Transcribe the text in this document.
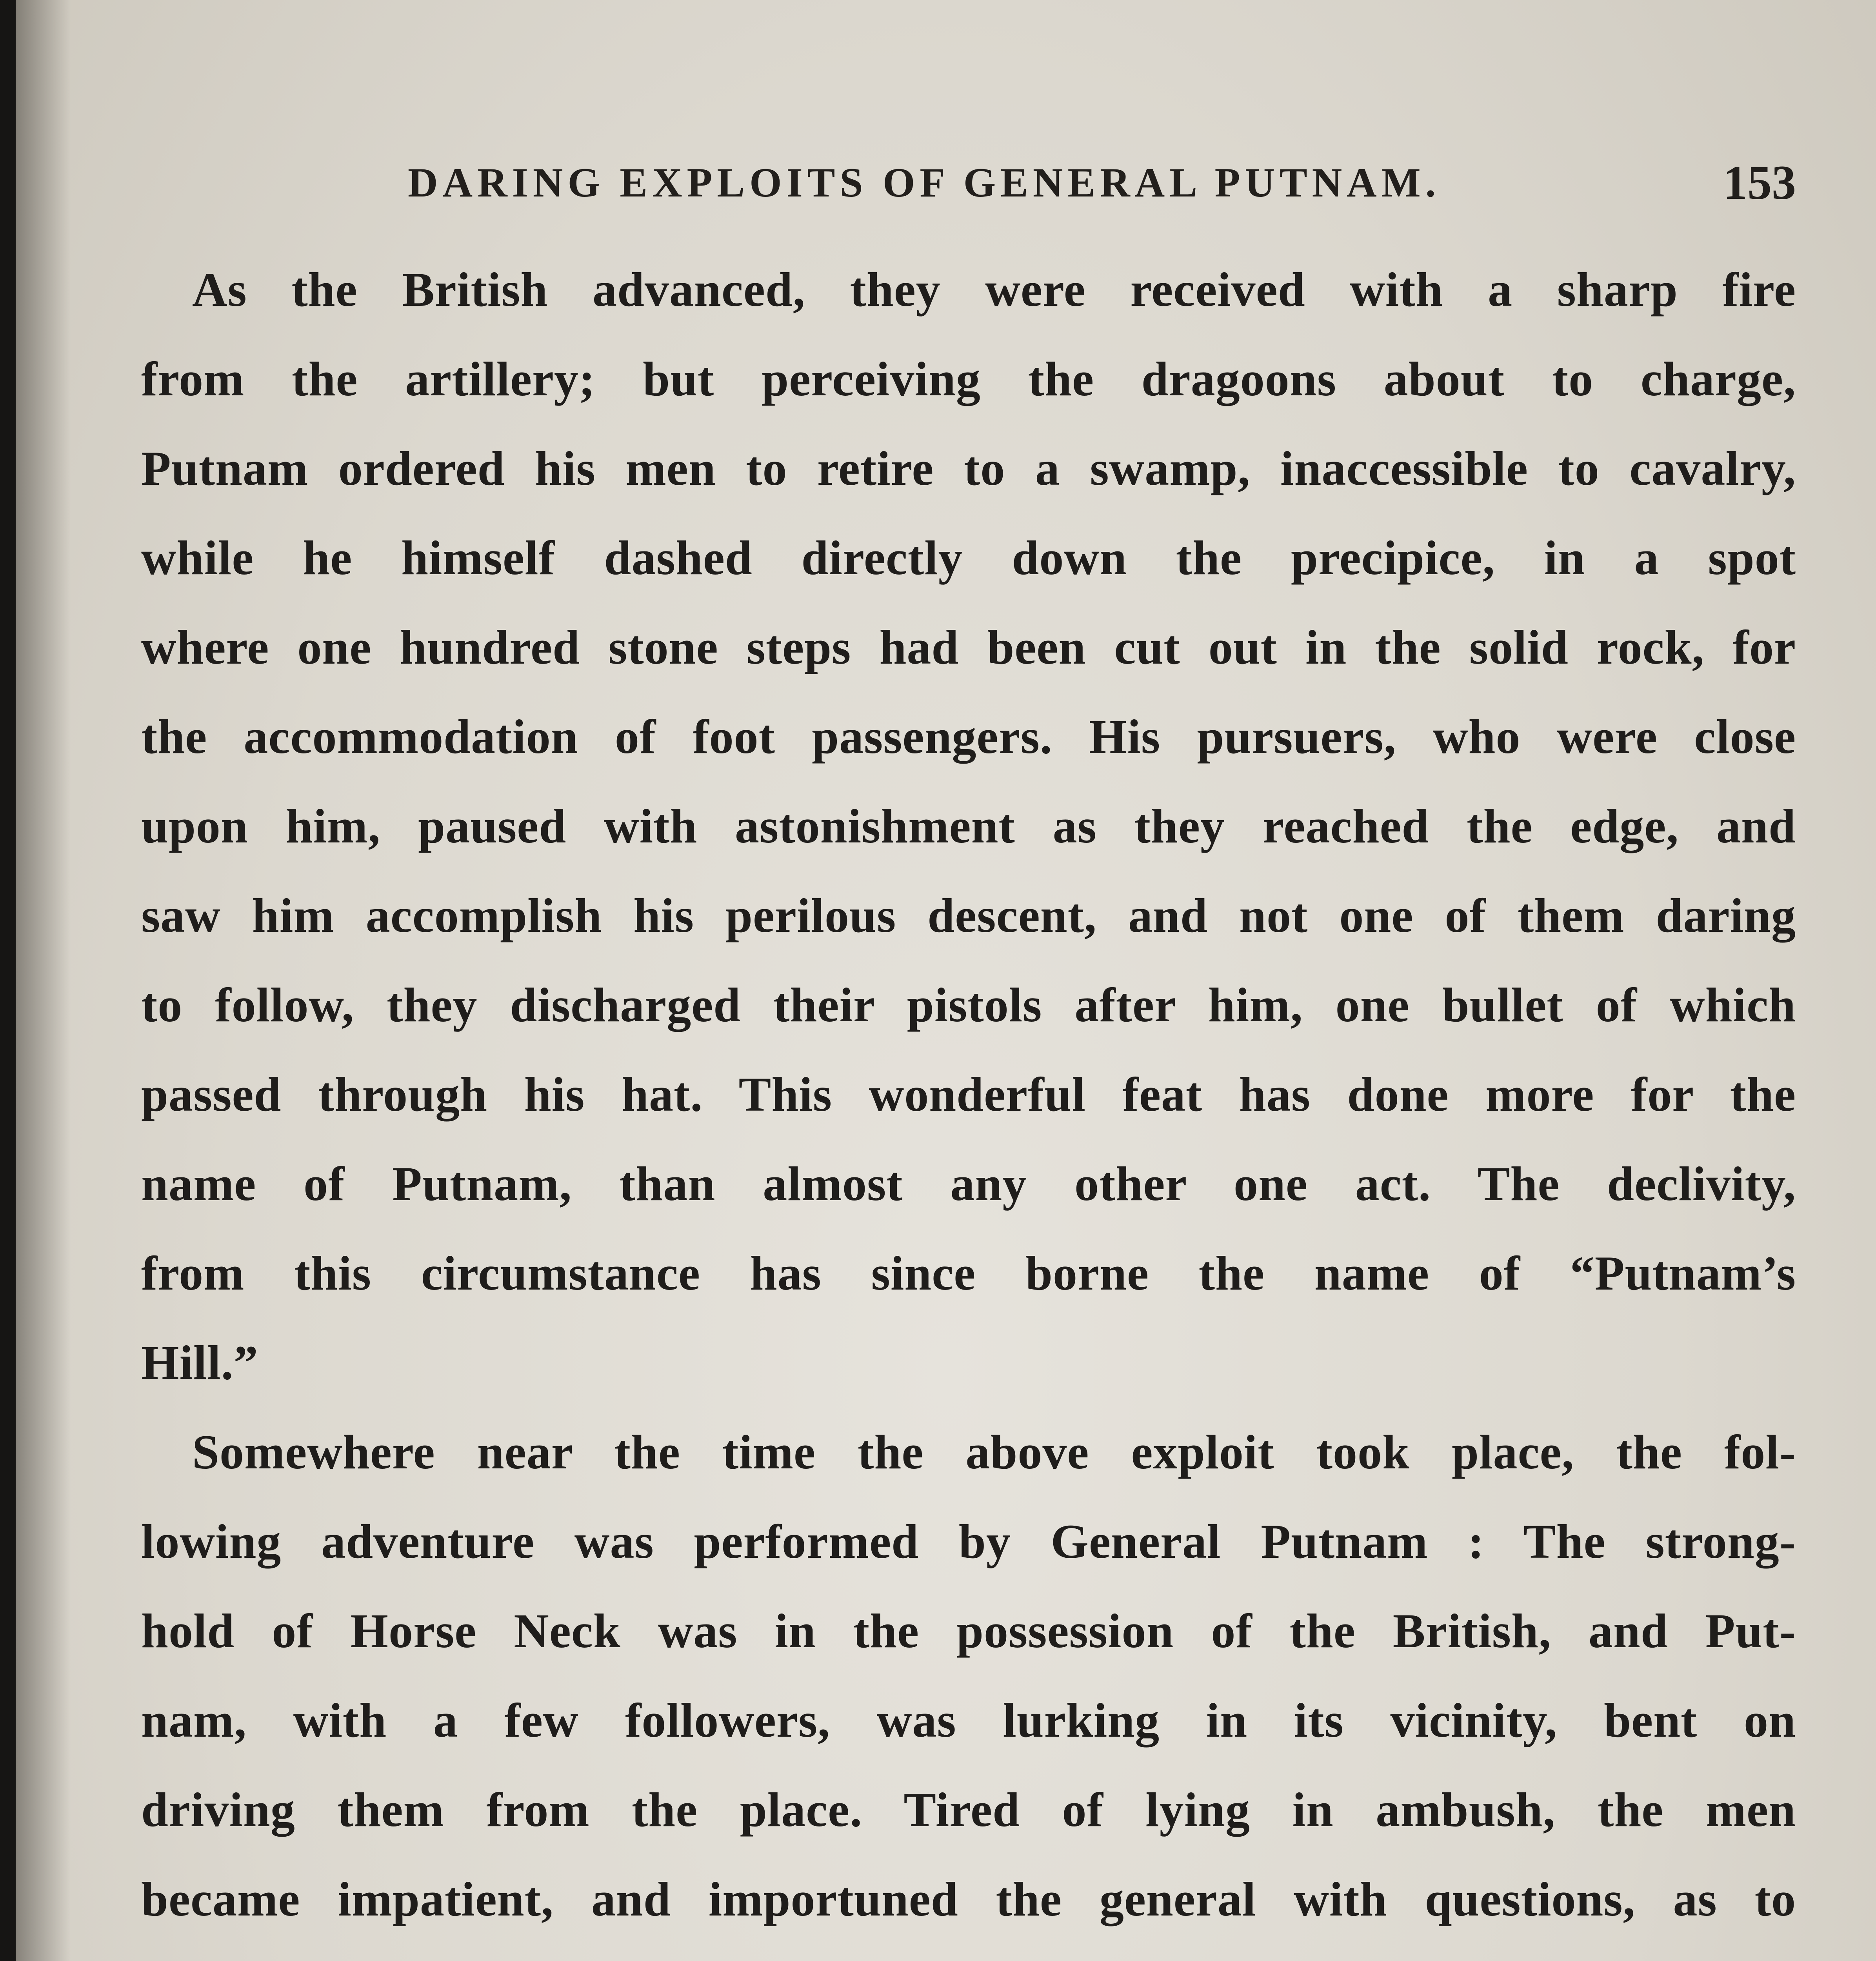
DARING EXPLOITS OF GENERAL PUTNAM.	153
As the British advanced, they were received with a sharp fire
from the artillery; but perceiving the dragoons about to charge,
Putnam ordered his men to retire to a swamp, inaccessible to cavalry,
while he himself dashed directly down the precipice, in a spot
where one hundred stone steps had been cut out in the solid rock, for
the accommodation of foot passengers. His pursuers, who were close
upon him, paused with astonishment as they reached the edge, and
saw him accomplish his perilous descent, and not one of them daring
to follow, they discharged their pistols after him, one bullet of which
passed through his hat. This wonderful feat has done more for the
name of Putnam, than almost any other one act. The declivity,
from this circumstance has since borne the name of “Putnam’s
Hill.”
Somewhere near the time the above exploit took place, the fol-
lowing adventure was performed by General Putnam : The strong-
hold of Horse Neck was in the possession of the British, and Put-
nam, with a few followers, was lurking in its vicinity, bent on
driving them from the place. Tired of lying in ambush, the men
became impatient, and importuned the general with questions, as to
